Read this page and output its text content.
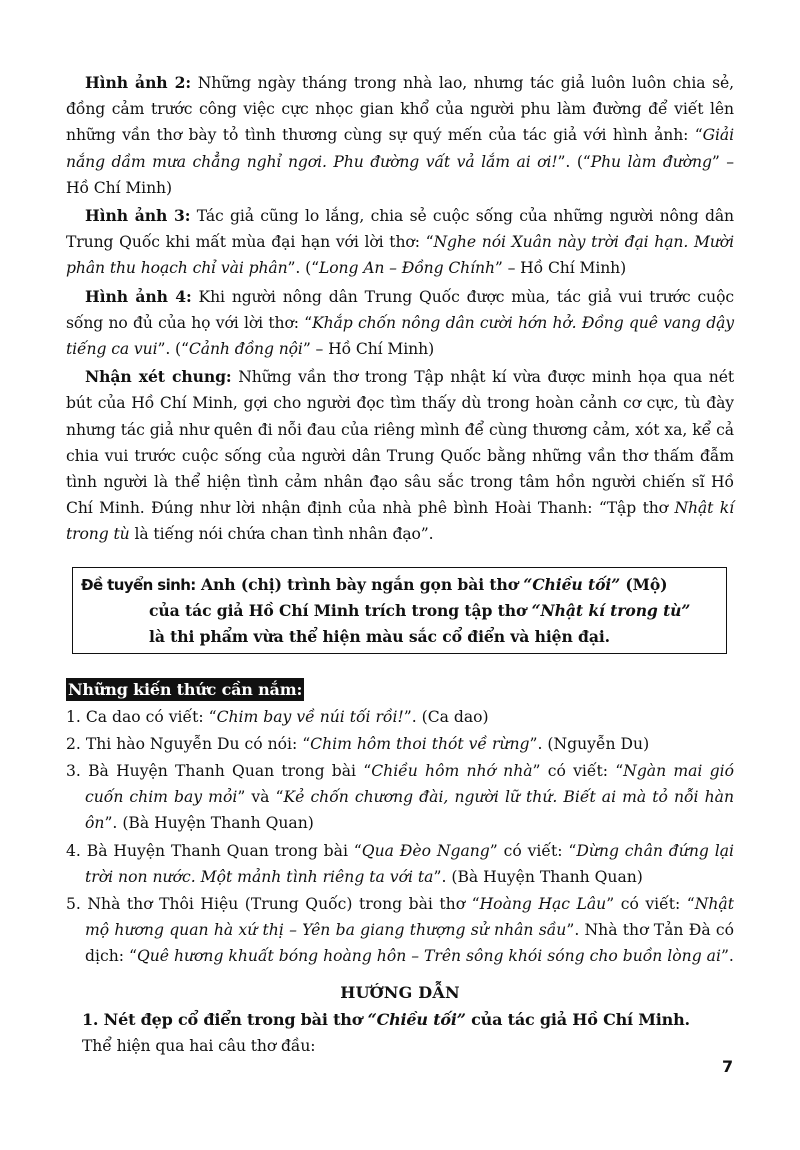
Hình ảnh 2: Những ngày tháng trong nhà lao, nhưng tác giả luôn luôn chia sẻ, đồng cảm trước công việc cực nhọc gian khổ của người phu làm đường để viết lên những vần thơ bày tỏ tình thương cùng sự quý mến của tác giả với hình ảnh: “Giải nắng dầm mưa chẳng nghỉ ngơi. Phu đường vất vả lắm ai ơi!”. (“Phu làm đường” – Hồ Chí Minh)

Hình ảnh 3: Tác giả cũng lo lắng, chia sẻ cuộc sống của những người nông dân Trung Quốc khi mất mùa đại hạn với lời thơ: “Nghe nói Xuân này trời đại hạn. Mười phân thu hoạch chỉ vài phân”. (“Long An – Đồng Chính” – Hồ Chí Minh)

Hình ảnh 4: Khi người nông dân Trung Quốc được mùa, tác giả vui trước cuộc sống no đủ của họ với lời thơ: “Khắp chốn nông dân cười hớn hở. Đồng quê vang dậy tiếng ca vui”. (“Cảnh đồng nội” – Hồ Chí Minh)

Nhận xét chung: Những vần thơ trong Tập nhật kí vừa được minh họa qua nét bút của Hồ Chí Minh, gợi cho người đọc tìm thấy dù trong hoàn cảnh cơ cực, tù đày nhưng tác giả như quên đi nỗi đau của riêng mình để cùng thương cảm, xót xa, kể cả chia vui trước cuộc sống của người dân Trung Quốc bằng những vần thơ thấm đẫm tình người là thể hiện tình cảm nhân đạo sâu sắc trong tâm hồn người chiến sĩ Hồ Chí Minh. Đúng như lời nhận định của nhà phê bình Hoài Thanh: “Tập thơ Nhật kí trong tù là tiếng nói chứa chan tình nhân đạo”.

Đề tuyển sinh: Anh (chị) trình bày ngắn gọn bài thơ “Chiều tối” (Mộ)

của tác giả Hồ Chí Minh trích trong tập thơ “Nhật kí trong tù”

là thi phẩm vừa thể hiện màu sắc cổ điển và hiện đại.

Những kiến thức cần nắm:
1. Ca dao có viết: “Chim bay về núi tối rồi!”. (Ca dao)
2. Thi hào Nguyễn Du có nói: “Chim hôm thoi thót về rừng”. (Nguyễn Du)
3. Bà Huyện Thanh Quan trong bài “Chiều hôm nhớ nhà” có viết: “Ngàn mai gió cuốn chim bay mỏi” và “Kẻ chốn chương đài, người lữ thứ. Biết ai mà tỏ nỗi hàn ôn”. (Bà Huyện Thanh Quan)
4. Bà Huyện Thanh Quan trong bài “Qua Đèo Ngang” có viết: “Dừng chân đứng lại trời non nước. Một mảnh tình riêng ta với ta”. (Bà Huyện Thanh Quan)
5. Nhà thơ Thôi Hiệu (Trung Quốc) trong bài thơ “Hoàng Hạc Lâu” có viết: “Nhật mộ hương quan hà xứ thị – Yên ba giang thượng sử nhân sầu”. Nhà thơ Tản Đà có dịch: “Quê hương khuất bóng hoàng hôn – Trên sông khói sóng cho buồn lòng ai”.

HƯỚNG DẪN

1. Nét đẹp cổ điển trong bài thơ “Chiều tối” của tác giả Hồ Chí Minh.

Thể hiện qua hai câu thơ đầu:

7
